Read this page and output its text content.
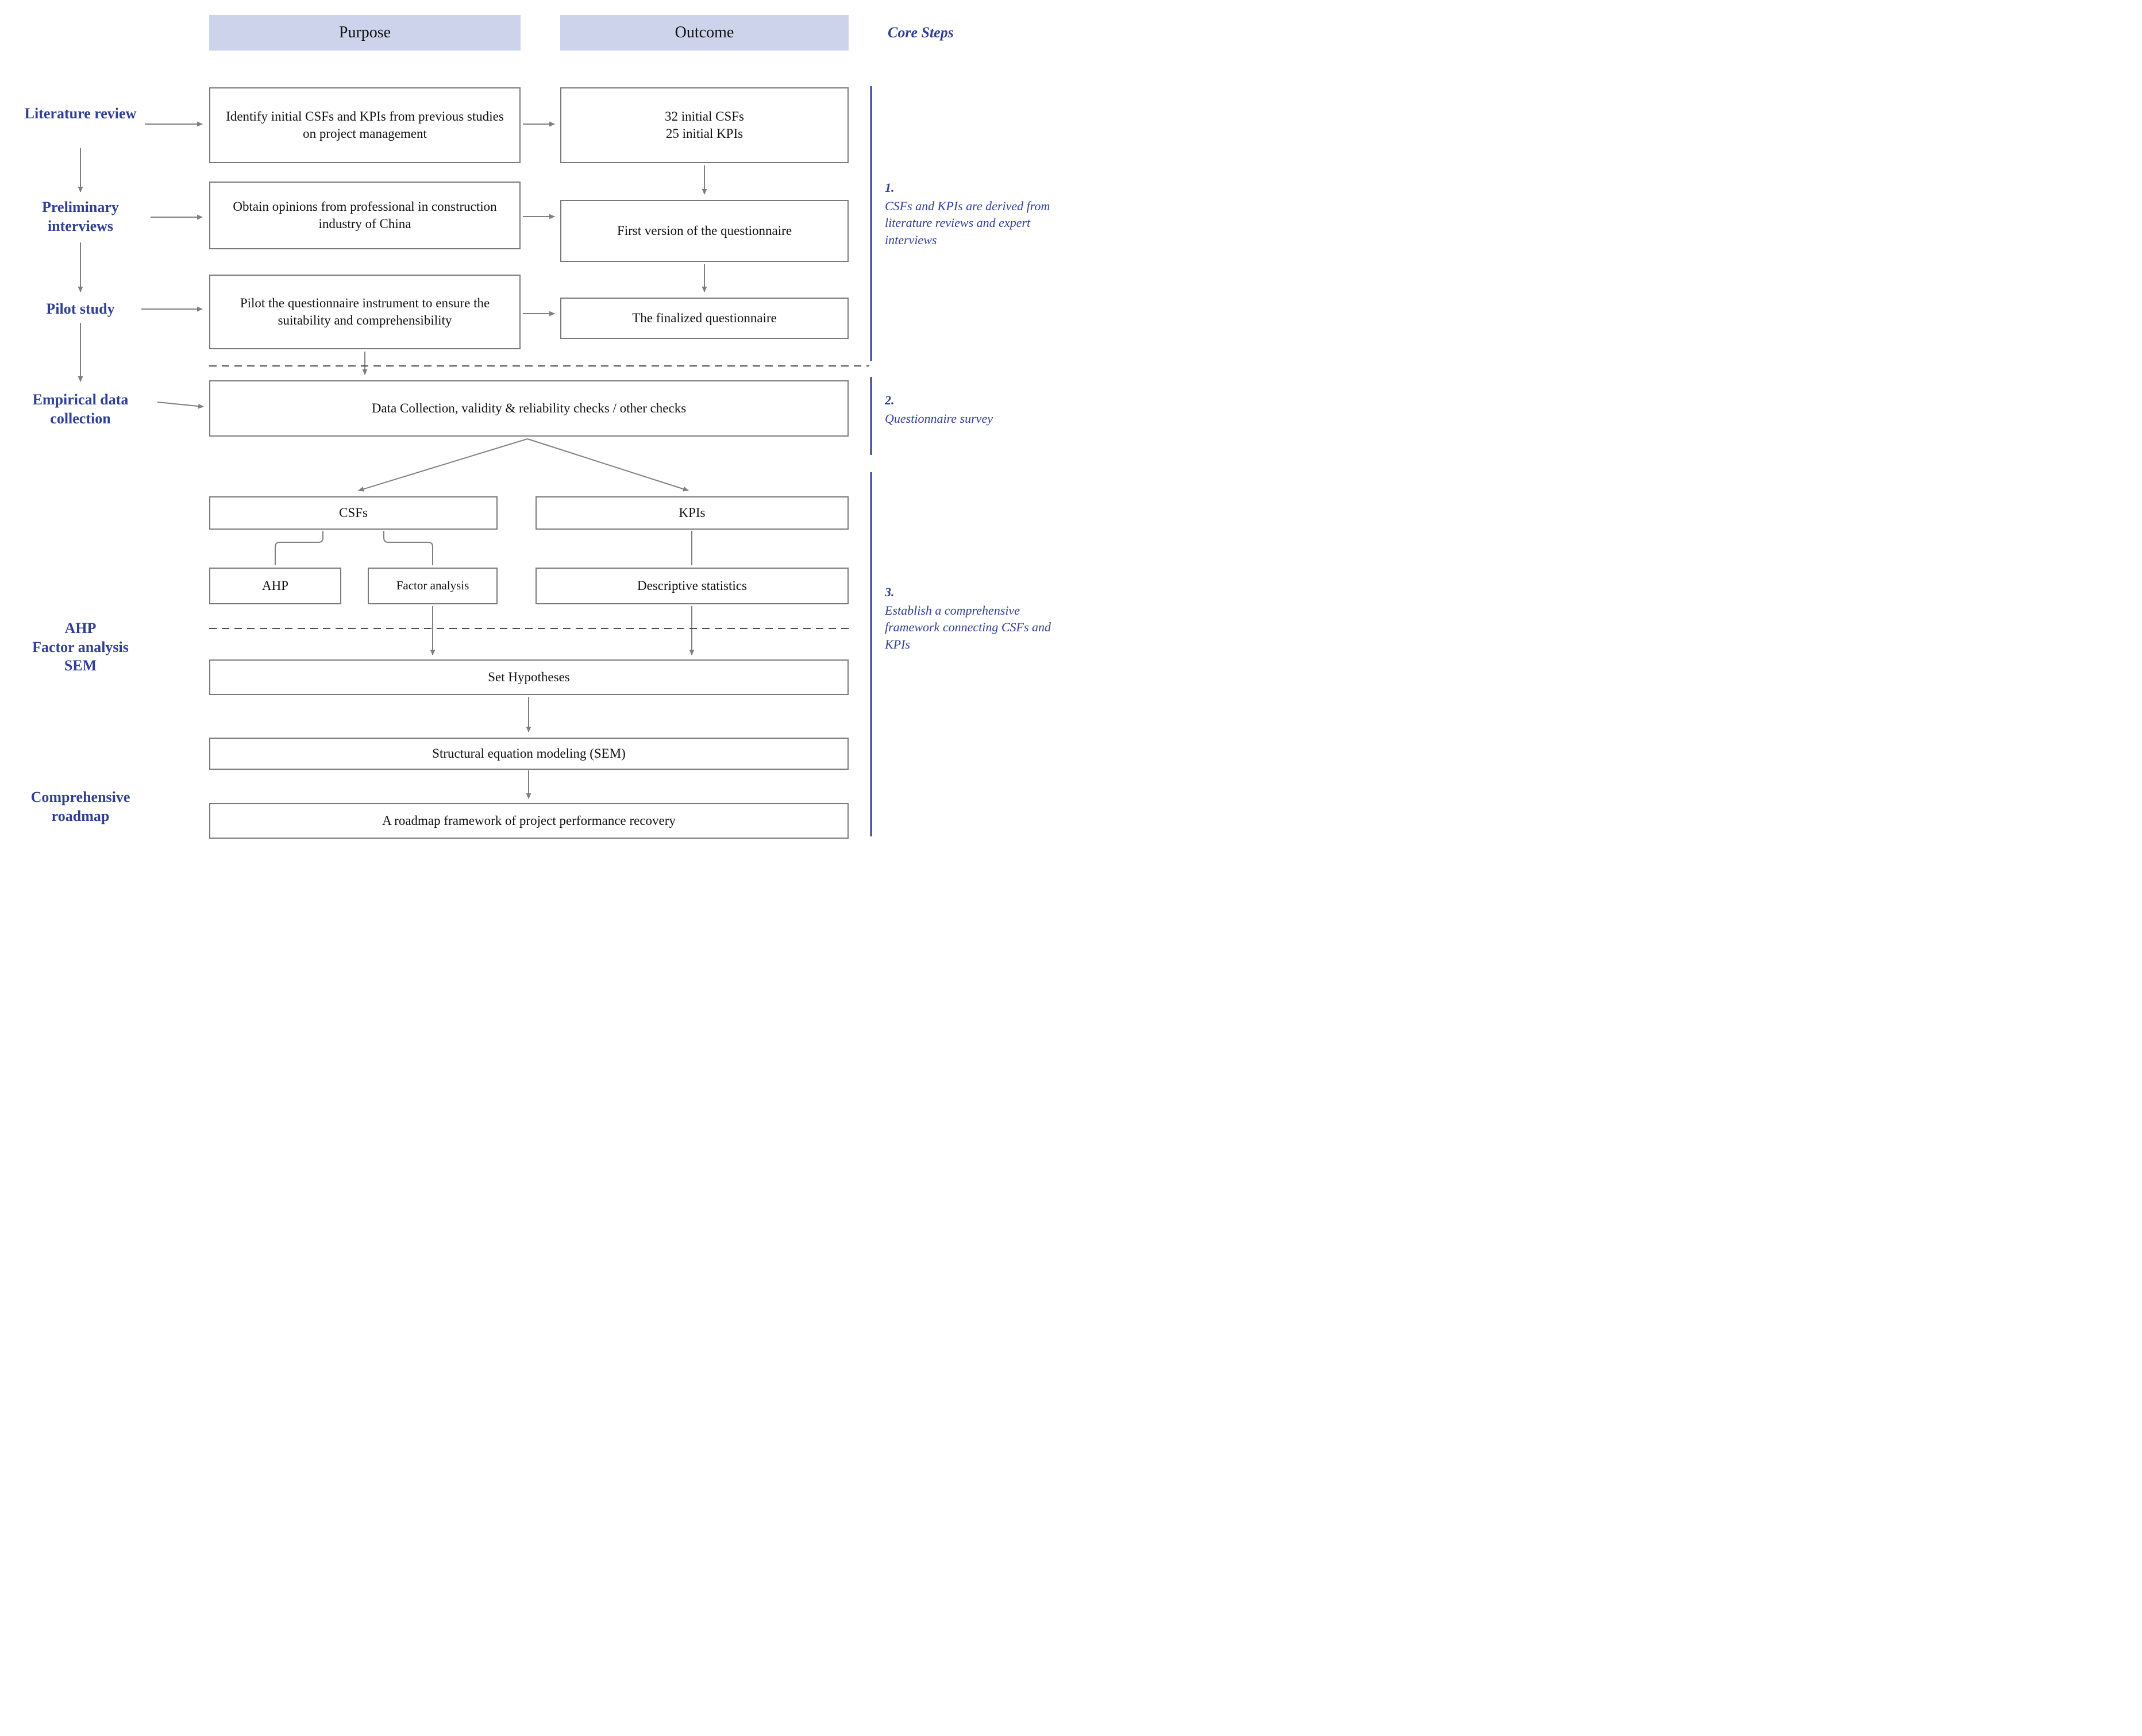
Purpose	Outcome	Core Steps
Literature review
Preliminary interviews
Pilot study
Empirical data collection
AHP
Factor analysis
SEM
Comprehensive roadmap
Identify initial CSFs and KPIs from previous studies on project management
Obtain opinions from professional in construction industry of China
Pilot the questionnaire instrument to ensure the suitability and comprehensibility
32 initial CSFs
25 initial KPIs
First version of the questionnaire
The finalized questionnaire
Data Collection, validity & reliability checks / other checks
CSFs	KPIs
AHP	Factor analysis	Descriptive statistics
Set Hypotheses
Structural equation modeling (SEM)
A roadmap framework of project performance recovery
1.
CSFs and KPIs are derived from literature reviews and expert interviews
2.
Questionnaire survey
3.
Establish a comprehensive framework connecting CSFs and KPIs
